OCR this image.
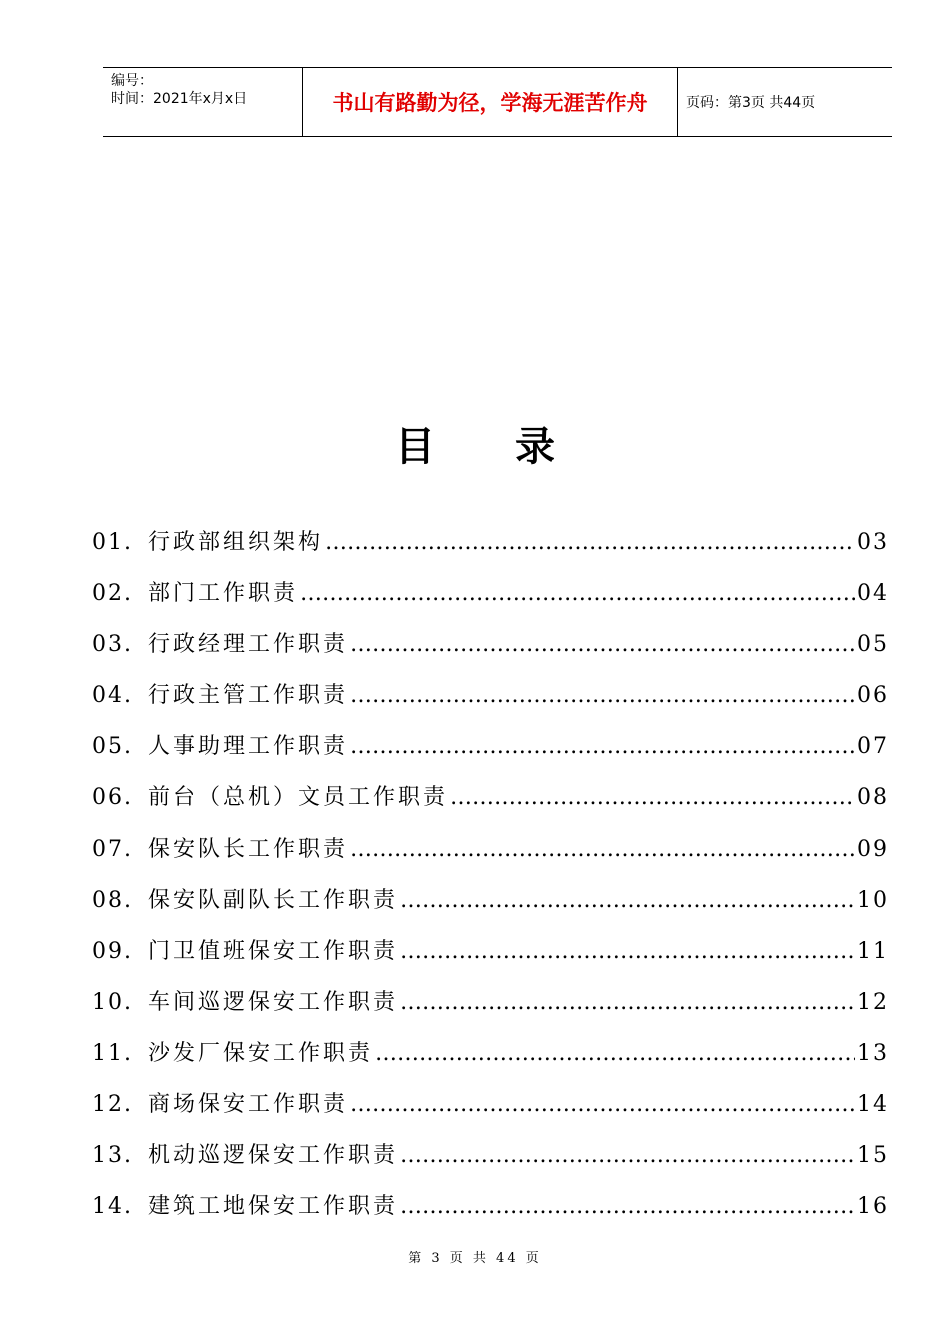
编号：
时间：2021年x月x日	书山有路勤为径，学海无涯苦作舟	页码：第3页 共44页
目录
01. 行政部组织架构 …………………………………………………………………………………………………………………………………………	03
02. 部门工作职责 …………………………………………………………………………………………………………………………………………	04
03. 行政经理工作职责 …………………………………………………………………………………………………………………………………………	05
04. 行政主管工作职责 …………………………………………………………………………………………………………………………………………	06
05. 人事助理工作职责 …………………………………………………………………………………………………………………………………………	07
06. 前台（总机）文员工作职责 …………………………………………………………………………………………………………………………………………	08
07. 保安队长工作职责 …………………………………………………………………………………………………………………………………………	09
08. 保安队副队长工作职责 …………………………………………………………………………………………………………………………………………	10
09. 门卫值班保安工作职责 …………………………………………………………………………………………………………………………………………	11
10. 车间巡逻保安工作职责 …………………………………………………………………………………………………………………………………………	12
11. 沙发厂保安工作职责 …………………………………………………………………………………………………………………………………………	13
12. 商场保安工作职责 …………………………………………………………………………………………………………………………………………	14
13. 机动巡逻保安工作职责 …………………………………………………………………………………………………………………………………………	15
14. 建筑工地保安工作职责 …………………………………………………………………………………………………………………………………………	16
第 3 页 共 44 页
